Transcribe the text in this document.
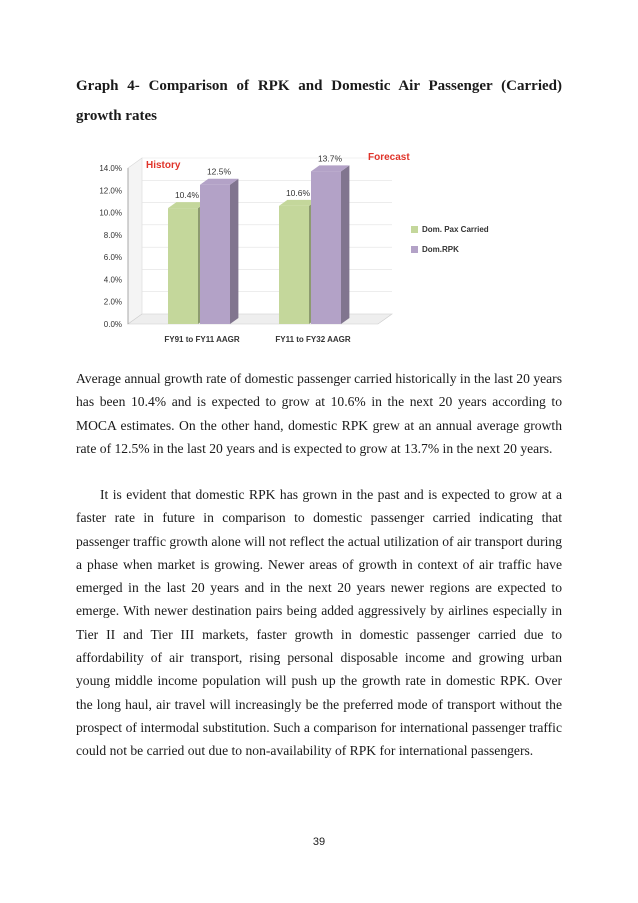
Graph 4- Comparison of RPK and Domestic Air Passenger (Carried) growth rates
0.0%
2.0%
4.0%
6.0%
8.0%
10.0%
12.0%
14.0%
10.4%
12.5%
FY91 to FY11 AAGR
10.6%
13.7%
FY11 to FY32 AAGR
History
Forecast
Dom. Pax Carried
Dom.RPK

Average annual growth rate of domestic passenger carried historically in the last 20 years has been 10.4% and is expected to grow at 10.6% in the next 20 years according to MOCA estimates. On the other hand, domestic RPK grew at an annual average growth rate of 12.5% in the last 20 years and is expected to grow at 13.7% in the next 20 years.

It is evident that domestic RPK has grown in the past and is expected to grow at a faster rate in future in comparison to domestic passenger carried indicating that passenger traffic growth alone will not reflect the actual utilization of air transport during a phase when market is growing. Newer areas of growth in context of air traffic have emerged in the last 20 years and in the next 20 years newer regions are expected to emerge. With newer destination pairs being added aggressively by airlines especially in Tier II and Tier III markets, faster growth in domestic passenger carried due to affordability of air transport, rising personal disposable income and growing urban young middle income population will push up the growth rate in domestic RPK. Over the long haul, air travel will increasingly be the preferred mode of transport without the prospect of intermodal substitution. Such a comparison for international passenger traffic could not be carried out due to non-availability of RPK for international passengers.

39
